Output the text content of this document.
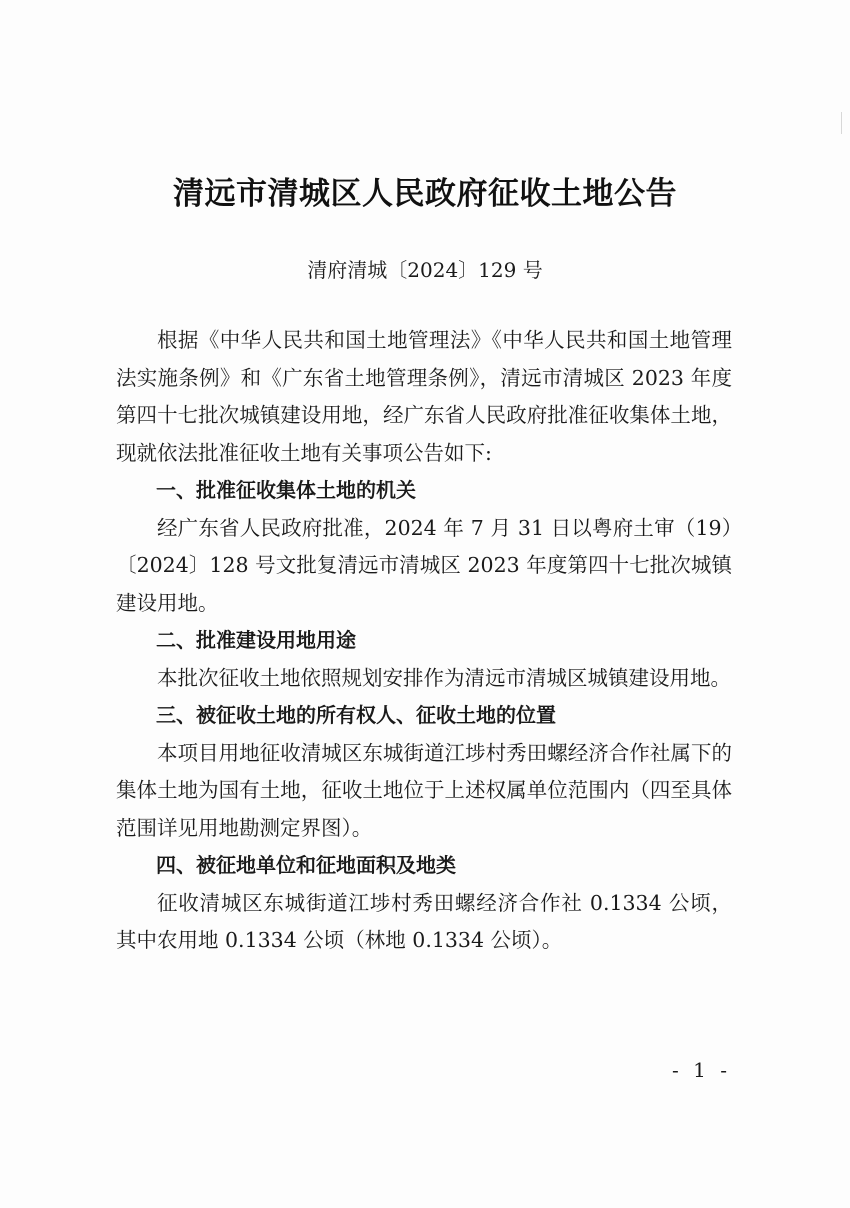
清远市清城区人民政府征收土地公告
清府清城〔2024〕129 号

根据《中华人民共和国土地管理法》《中华人民共和国土地管理法实施条例》和《广东省土地管理条例》，清远市清城区 2023 年度第四十七批次城镇建设用地，经广东省人民政府批准征收集体土地，现就依法批准征收土地有关事项公告如下:

一、批准征收集体土地的机关

经广东省人民政府批准，2024 年 7 月 31 日以粤府土审（19）〔2024〕128 号文批复清远市清城区 2023 年度第四十七批次城镇建设用地。

二、批准建设用地用途

本批次征收土地依照规划安排作为清远市清城区城镇建设用地。

三、被征收土地的所有权人、征收土地的位置

本项目用地征收清城区东城街道江埗村秀田螺经济合作社属下的集体土地为国有土地，征收土地位于上述权属单位范围内（四至具体范围详见用地勘测定界图）。

四、被征地单位和征地面积及地类

征收清城区东城街道江埗村秀田螺经济合作社 0.1334 公顷，其中农用地 0.1334 公顷（林地 0.1334 公顷）。

- 1 -
